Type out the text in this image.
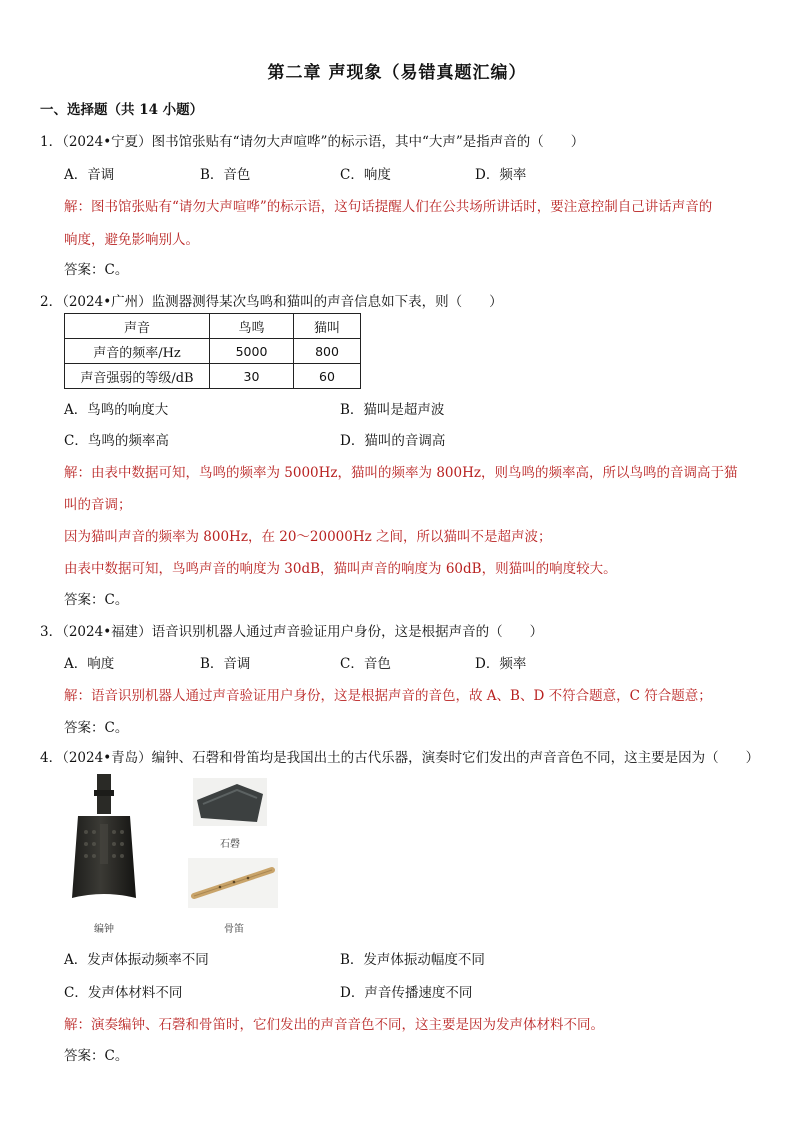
第二章 声现象（易错真题汇编）
一、选择题（共 14 小题）
1．（2024•宁夏）图书馆张贴有“请勿大声喧哗”的标示语，其中“大声”是指声音的（　　）
A．音调	B．音色	C．响度	D．频率
解：图书馆张贴有“请勿大声喧哗”的标示语，这句话提醒人们在公共场所讲话时，要注意控制自己讲话声音的
响度，避免影响别人。
答案：C。
2．（2024•广州）监测器测得某次鸟鸣和猫叫的声音信息如下表，则（　　）
声音	鸟鸣	猫叫
声音的频率/Hz	5000	800
声音强弱的等级/dB	30	60
A．鸟鸣的响度大	B．猫叫是超声波
C．鸟鸣的频率高	D．猫叫的音调高
解：由表中数据可知，鸟鸣的频率为 5000Hz，猫叫的频率为 800Hz，则鸟鸣的频率高，所以鸟鸣的音调高于猫
叫的音调；
因为猫叫声音的频率为 800Hz，在 20～20000Hz 之间，所以猫叫不是超声波；
由表中数据可知，鸟鸣声音的响度为 30dB，猫叫声音的响度为 60dB，则猫叫的响度较大。
答案：C。
3．（2024•福建）语音识别机器人通过声音验证用户身份，这是根据声音的（　　）
A．响度	B．音调	C．音色	D．频率
解：语音识别机器人通过声音验证用户身份，这是根据声音的音色，故 A、B、D 不符合题意，C 符合题意；
答案：C。
4．（2024•青岛）编钟、石磬和骨笛均是我国出土的古代乐器，演奏时它们发出的声音音色不同，这主要是因为（　　）
编钟
石磬
骨笛
A．发声体振动频率不同	B．发声体振动幅度不同
C．发声体材料不同	D．声音传播速度不同
解：演奏编钟、石磬和骨笛时，它们发出的声音音色不同，这主要是因为发声体材料不同。
答案：C。
